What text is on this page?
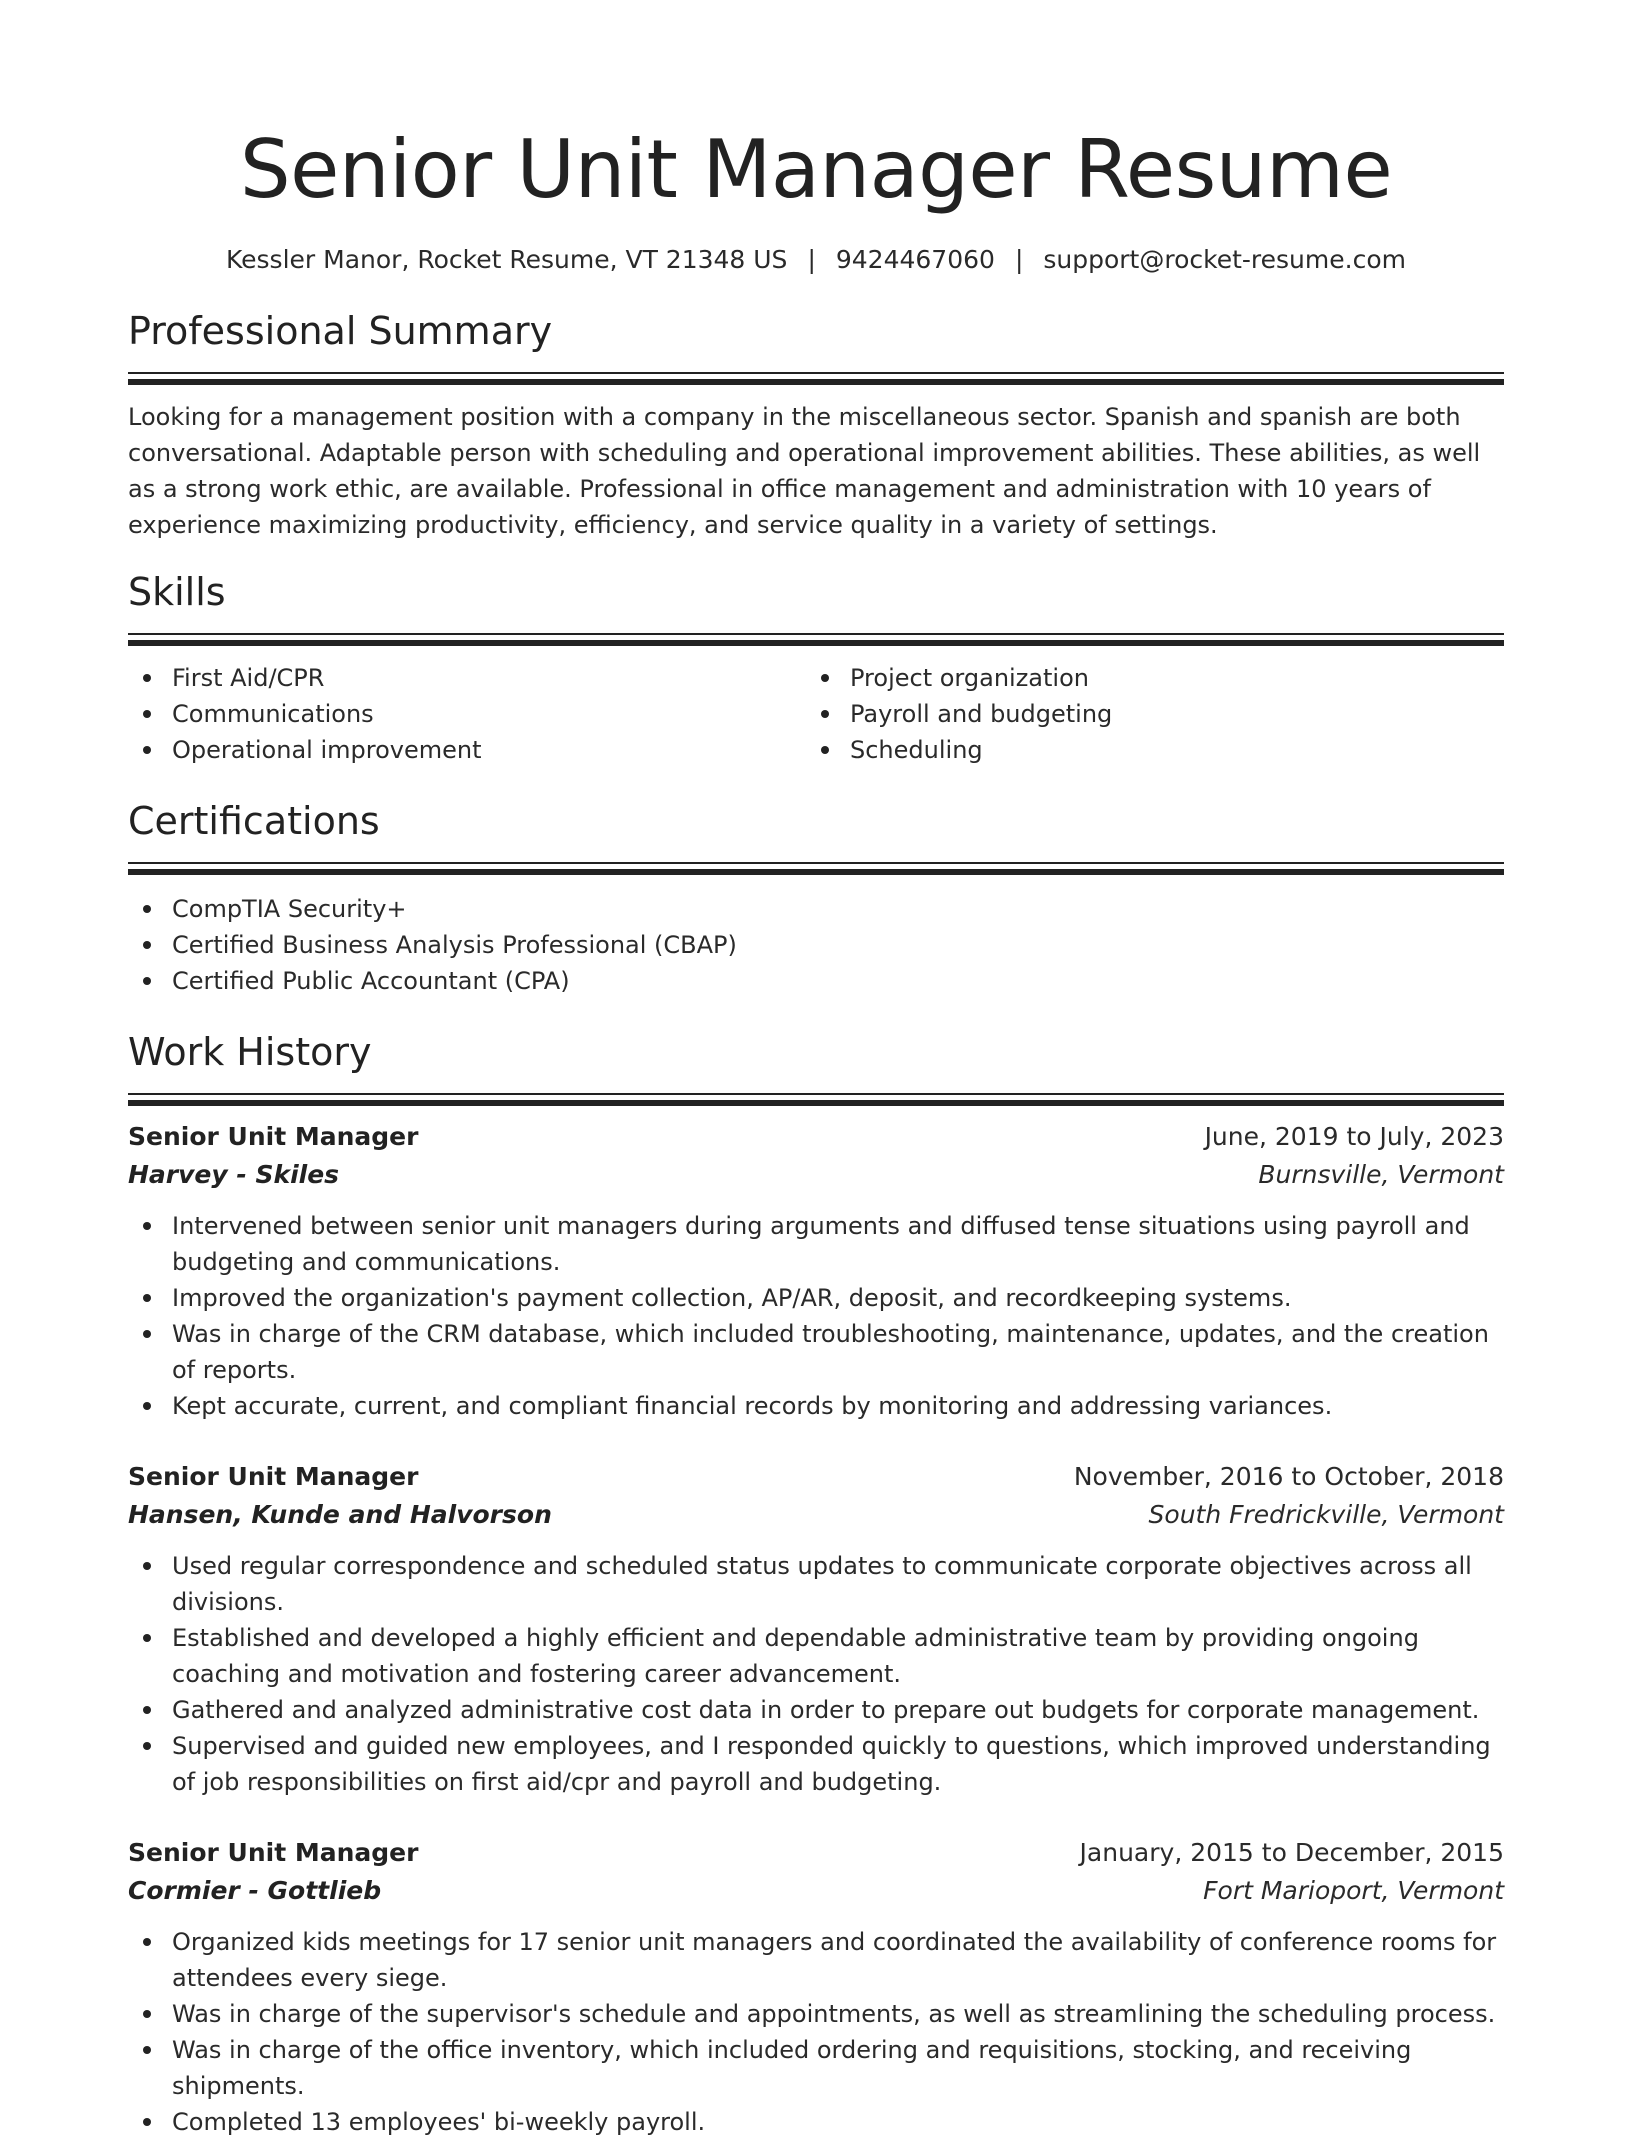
Senior Unit Manager Resume
Kessler Manor, Rocket Resume, VT 21348 US | 9424467060 | support@rocket-resume.com
Professional Summary

Looking for a management position with a company in the miscellaneous sector. Spanish and spanish are both conversational. Adaptable person with scheduling and operational improvement abilities. These abilities, as well as a strong work ethic, are available. Professional in office management and administration with 10 years of experience maximizing productivity, efficiency, and service quality in a variety of settings.

Skills
First Aid/CPR
Communications
Operational improvement
Project organization
Payroll and budgeting
Scheduling
Certifications
CompTIA Security+
Certified Business Analysis Professional (CBAP)
Certified Public Accountant (CPA)
Work History
Senior Unit Manager	June, 2019 to July, 2023
Harvey - Skiles	Burnsville, Vermont
Intervened between senior unit managers during arguments and diffused tense situations using payroll and budgeting and communications.
Improved the organization's payment collection, AP/AR, deposit, and recordkeeping systems.
Was in charge of the CRM database, which included troubleshooting, maintenance, updates, and the creation of reports.
Kept accurate, current, and compliant financial records by monitoring and addressing variances.
Senior Unit Manager	November, 2016 to October, 2018
Hansen, Kunde and Halvorson	South Fredrickville, Vermont
Used regular correspondence and scheduled status updates to communicate corporate objectives across all divisions.
Established and developed a highly efficient and dependable administrative team by providing ongoing coaching and motivation and fostering career advancement.
Gathered and analyzed administrative cost data in order to prepare out budgets for corporate management.
Supervised and guided new employees, and I responded quickly to questions, which improved understanding of job responsibilities on first aid/cpr and payroll and budgeting.
Senior Unit Manager	January, 2015 to December, 2015
Cormier - Gottlieb	Fort Marioport, Vermont
Organized kids meetings for 17 senior unit managers and coordinated the availability of conference rooms for attendees every siege.
Was in charge of the supervisor's schedule and appointments, as well as streamlining the scheduling process.
Was in charge of the office inventory, which included ordering and requisitions, stocking, and receiving shipments.
Completed 13 employees' bi-weekly payroll.
